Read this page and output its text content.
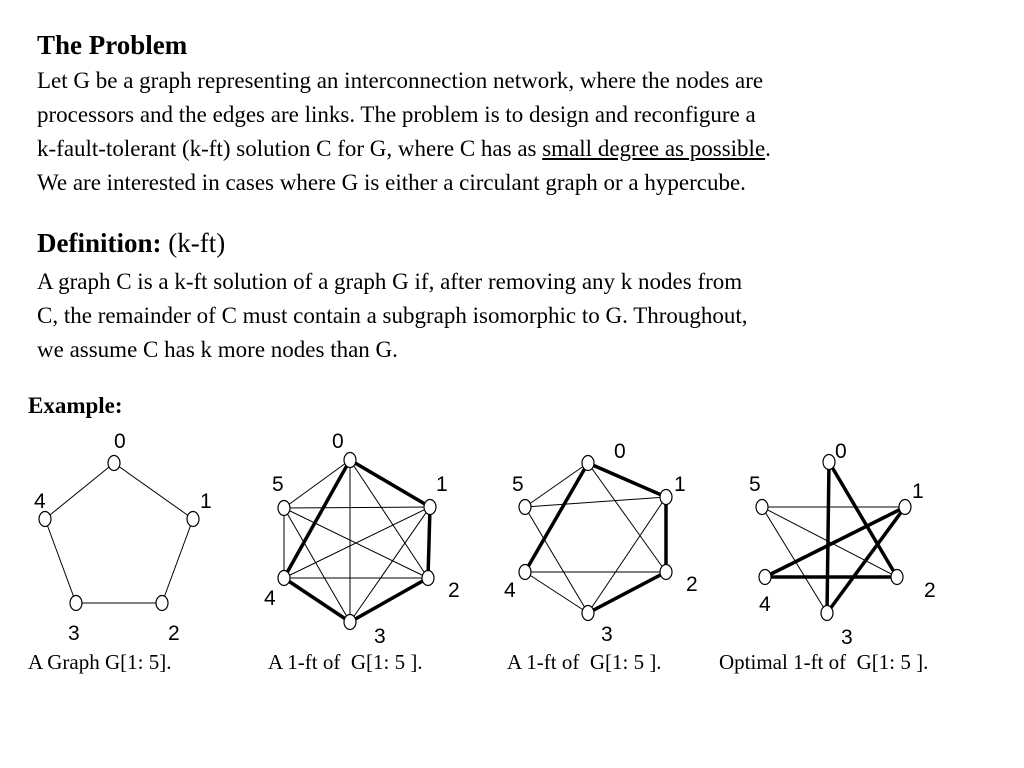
The Problem

Let G be a graph representing an interconnection network, where the nodes are
processors and the edges are links. The problem is to design and reconfigure a
k-fault-tolerant (k-ft) solution C for G, where C has as small degree as possible.
We are interested in cases where G is either a circulant graph or a hypercube.

Definition: (k-ft)

A graph C is a k-ft solution of a graph G if, after removing any k nodes from
C, the remainder of C must contain a subgraph isomorphic to G. Throughout,
we assume C has k more nodes than G.

Example:
0
1
2
3
4
0
1
2
3
4
5
0
1
2
3
4
5
0
1
2
3
4
5
A Graph G[1: 5].	A 1-ft of  G[1: 5 ].	A 1-ft of  G[1: 5 ].	Optimal 1-ft of  G[1: 5 ].
